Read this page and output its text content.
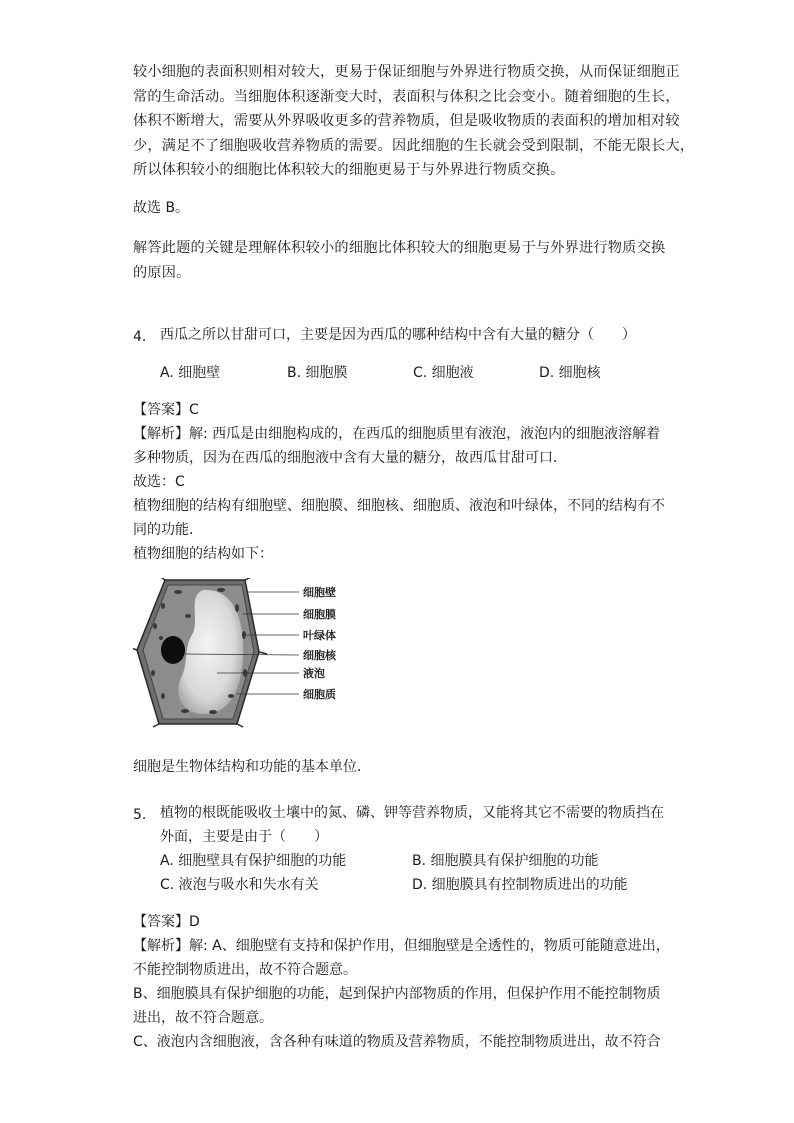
较小细胞的表面积则相对较大，更易于保证细胞与外界进行物质交换，从而保证细胞正
常的生命活动。当细胞体积逐渐变大时，表面积与体积之比会变小。随着细胞的生长，
体积不断增大，需要从外界吸收更多的营养物质，但是吸收物质的表面积的增加相对较
少，满足不了细胞吸收营养物质的需要。因此细胞的生长就会受到限制，不能无限长大，
所以体积较小的细胞比体积较大的细胞更易于与外界进行物质交换。
故选 B。
解答此题的关键是理解体积较小的细胞比体积较大的细胞更易于与外界进行物质交换
的原因。
4. 西瓜之所以甘甜可口，主要是因为西瓜的哪种结构中含有大量的糖分（　　）
A. 细胞壁	B. 细胞膜	C. 细胞液	D. 细胞核
【答案】C
【解析】解: 西瓜是由细胞构成的，在西瓜的细胞质里有液泡，液泡内的细胞液溶解着
多种物质，因为在西瓜的细胞液中含有大量的糖分，故西瓜甘甜可口．
故选：C
植物细胞的结构有细胞壁、细胞膜、细胞核、细胞质、液泡和叶绿体，不同的结构有不
同的功能．
植物细胞的结构如下：
细胞壁
细胞膜
叶绿体
细胞核
液泡
细胞质
细胞是生物体结构和功能的基本单位．
5. 植物的根既能吸收土壤中的氮、磷、钾等营养物质，又能将其它不需要的物质挡在
外面，主要是由于（　　）
A. 细胞壁具有保护细胞的功能	B. 细胞膜具有保护细胞的功能
C. 液泡与吸水和失水有关	D. 细胞膜具有控制物质进出的功能
【答案】D
【解析】解: A、细胞壁有支持和保护作用，但细胞壁是全透性的，物质可能随意进出，
不能控制物质进出，故不符合题意。
B、细胞膜具有保护细胞的功能，起到保护内部物质的作用，但保护作用不能控制物质
进出，故不符合题意。
C、液泡内含细胞液，含各种有味道的物质及营养物质，不能控制物质进出，故不符合
